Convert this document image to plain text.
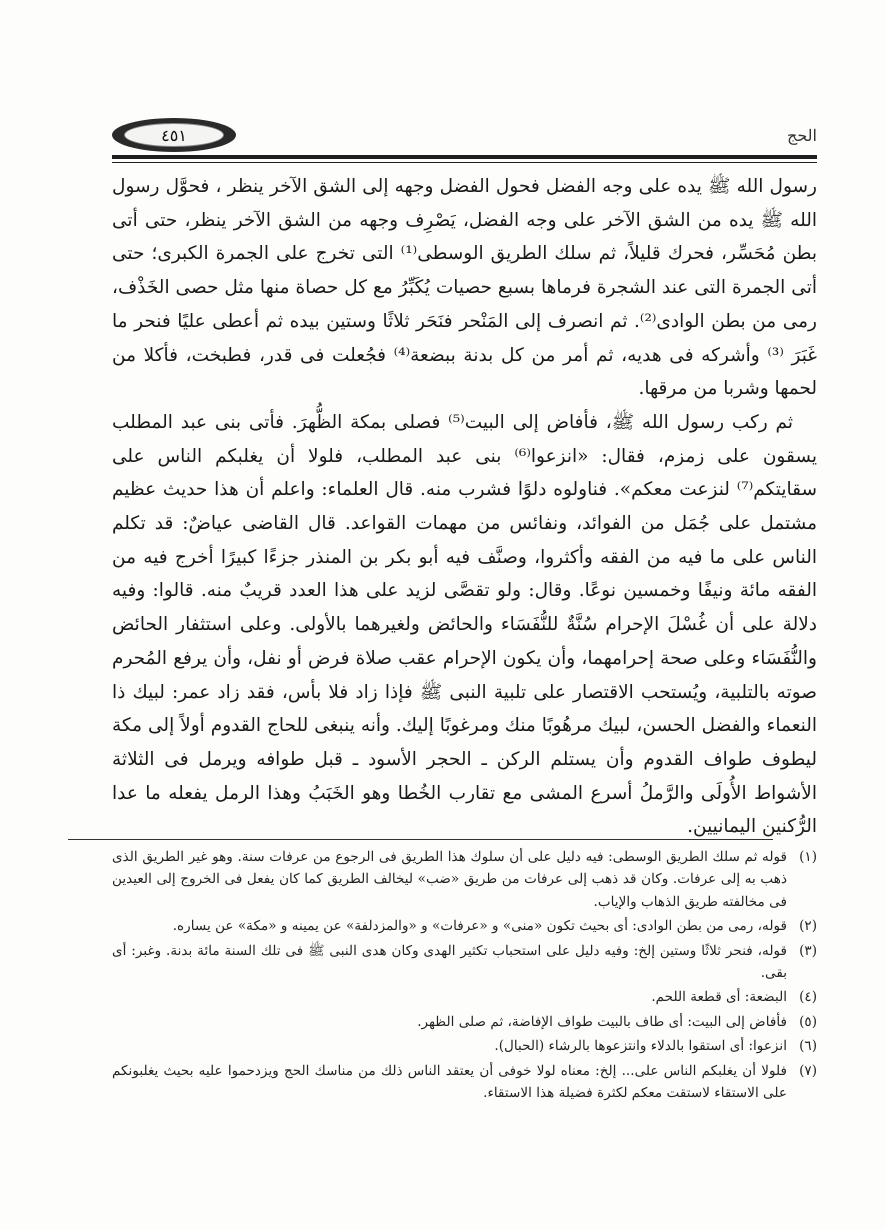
الحج
٤٥١

رسول الله ﷺ يده على وجه الفضل فحول الفضل وجهه إلى الشق الآخر ينظر ، فحوَّل رسول الله ﷺ يده من الشق الآخر على وجه الفضل، يَصْرِف وجهه من الشق الآخر ينظر، حتى أتى بطن مُحَسِّر، فحرك قليلاً، ثم سلك الطريق الوسطى⁽¹⁾ التى تخرج على الجمرة الكبرى؛ حتى أتى الجمرة التى عند الشجرة فرماها بسبع حصيات يُكَبِّرُ مع كل حصاة منها مثل حصى الخَذْف، رمى من بطن الوادى⁽²⁾. ثم انصرف إلى المَنْحر فنَحَر ثلاثًا وستين بيده ثم أعطى عليًا فنحر ما غَبَرَ ⁽³⁾ وأشركه فى هديه، ثم أمر من كل بدنة ببضعة⁽⁴⁾ فجُعلت فى قدر، فطبخت، فأكلا من لحمها وشربا من مرقها.

ثم ركب رسول الله ﷺ، فأفاض إلى البيت⁽⁵⁾ فصلى بمكة الظُّهرَ. فأتى بنى عبد المطلب يسقون على زمزم، فقال: «انزعوا⁽⁶⁾ بنى عبد المطلب، فلولا أن يغلبكم الناس على سقايتكم⁽⁷⁾ لنزعت معكم». فناولوه دلوًا فشرب منه. قال العلماء: واعلم أن هذا حديث عظيم مشتمل على جُمَل من الفوائد، ونفائس من مهمات القواعد. قال القاضى عياضٌ: قد تكلم الناس على ما فيه من الفقه وأكثروا، وصنَّف فيه أبو بكر بن المنذر جزءًا كبيرًا أخرج فيه من الفقه مائة ونيفًا وخمسين نوعًا. وقال: ولو تقصَّى لزيد على هذا العدد قريبٌ منه. قالوا: وفيه دلالة على أن غُسْلَ الإحرام سُنَّةٌ للنُّفَسَاء والحائض ولغيرهما بالأولى. وعلى استثفار الحائض والنُّفَسَاء وعلى صحة إحرامهما، وأن يكون الإحرام عقب صلاة فرض أو نفل، وأن يرفع المُحرم صوته بالتلبية، ويُستحب الاقتصار على تلبية النبى ﷺ فإذا زاد فلا بأس، فقد زاد عمر: لبيك ذا النعماء والفضل الحسن، لبيك مرهُوبًا منك ومرغوبًا إليك. وأنه ينبغى للحاج القدوم أولاً إلى مكة ليطوف طواف القدوم وأن يستلم الركن ـ الحجر الأسود ـ قبل طوافه ويرمل فى الثلاثة الأشواط الأُولَى والرَّملُ أسرع المشى مع تقارب الخُطا وهو الخَبَبُ وهذا الرمل يفعله ما عدا الرُّكنين اليمانيين.

(١)قوله ثم سلك الطريق الوسطى: فيه دليل على أن سلوك هذا الطريق فى الرجوع من عرفات سنة. وهو غير الطريق الذى ذهب به إلى عرفات. وكان قد ذهب إلى عرفات من طريق «ضب» ليخالف الطريق كما كان يفعل فى الخروج إلى العيدين فى مخالفته طريق الذهاب والإياب.

(٢)قوله، رمى من بطن الوادى: أى بحيث تكون «منى» و «عرفات» و «والمزدلفة» عن يمينه و «مكة» عن يساره.

(٣)قوله، فنحر ثلاثًا وستين إلخ: وفيه دليل على استحباب تكثير الهدى وكان هدى النبى ﷺ فى تلك السنة مائة بدنة. وغبر: أى بقى.

(٤)البضعة: أى قطعة اللحم.

(٥)فأفاض إلى البيت: أى طاف بالبيت طواف الإفاضة، ثم صلى الظهر.

(٦)انزعوا: أى استقوا بالدلاء وانتزعوها بالرشاء (الحبال).

(٧)فلولا أن يغلبكم الناس على... إلخ: معناه لولا خوفى أن يعتقد الناس ذلك من مناسك الحج ويزدحموا عليه بحيث يغلبونكم على الاستقاء لاستقت معكم لكثرة فضيلة هذا الاستقاء.
